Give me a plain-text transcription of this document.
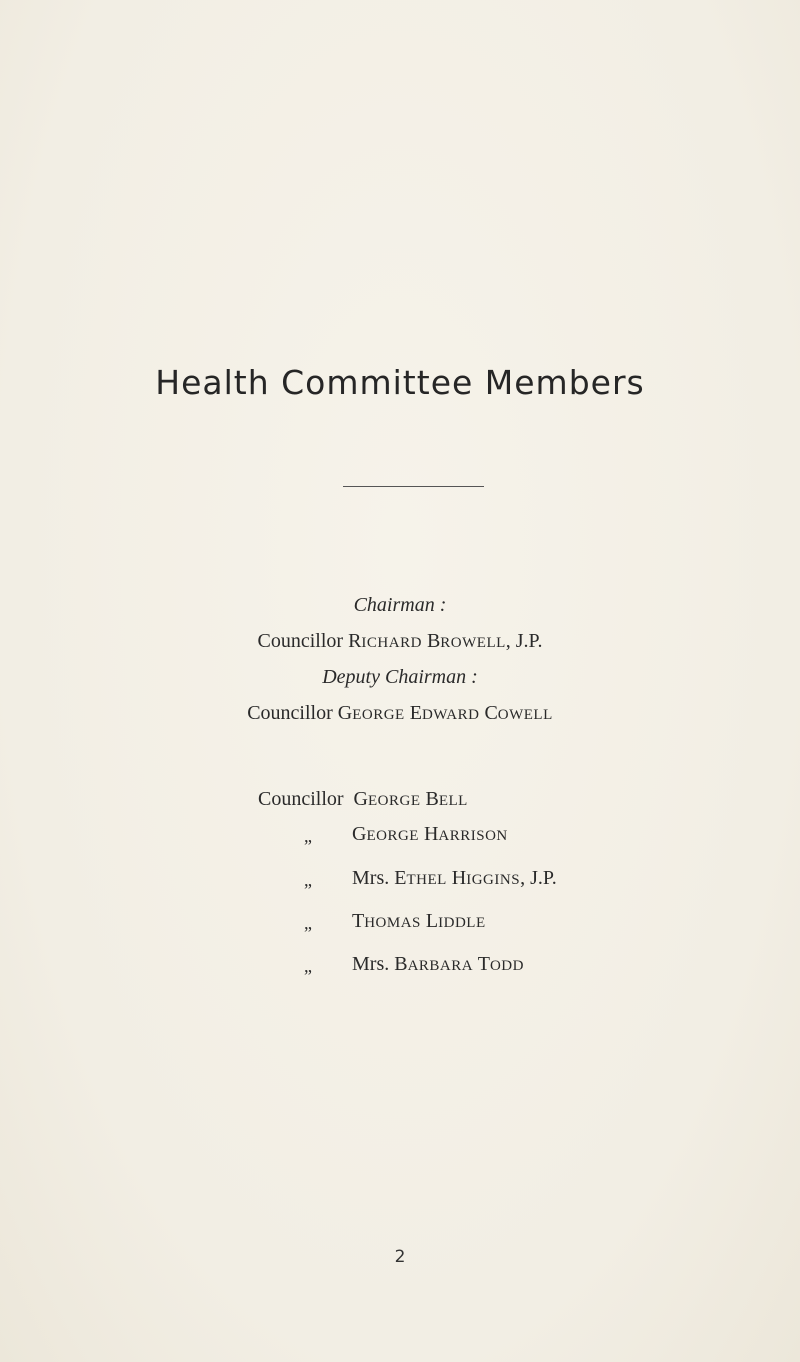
Health Committee Members
Chairman :
Councillor RICHARD BROWELL, J.P.
Deputy Chairman :
Councillor GEORGE EDWARD COWELL
Councillor GEORGE BELL
„ GEORGE HARRISON
„ Mrs. ETHEL HIGGINS, J.P.
„ THOMAS LIDDLE
„ Mrs. BARBARA TODD
2
